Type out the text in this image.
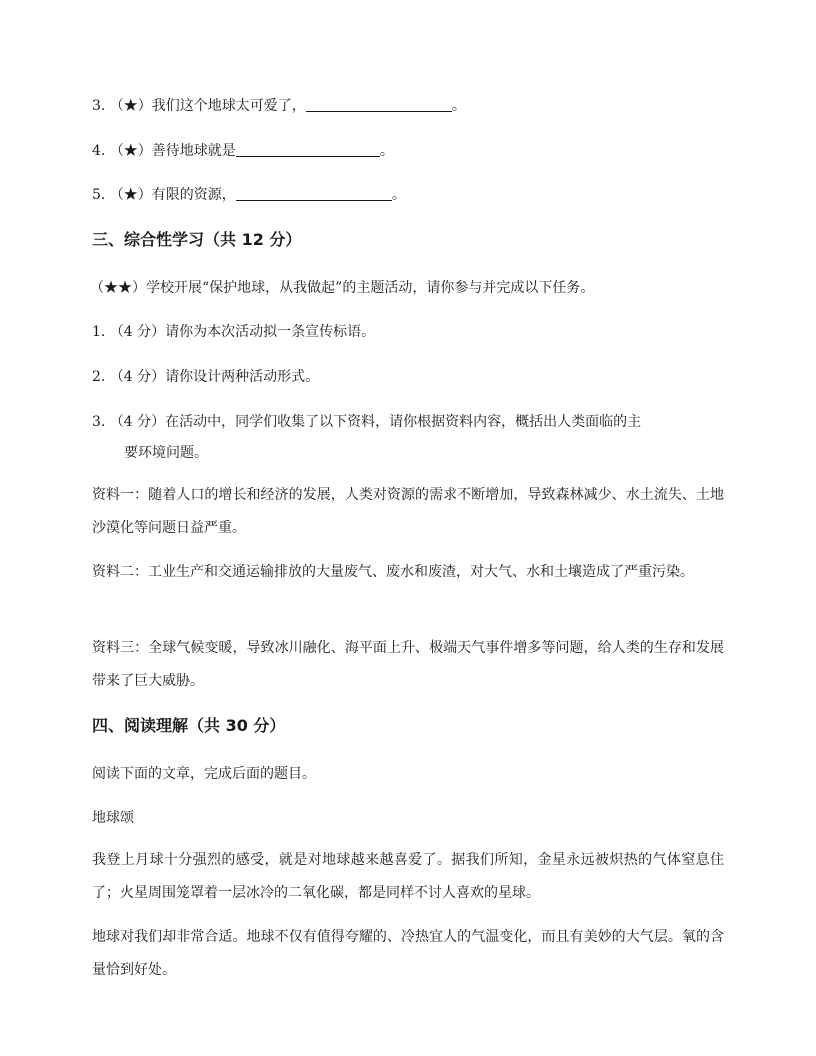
3. （★）我们这个地球太可爱了，	。
4. （★）善待地球就是	。
5. （★）有限的资源，	。
三、综合性学习（共 12 分）
（★★）学校开展“保护地球，从我做起”的主题活动，请你参与并完成以下任务。
1. （4 分）请你为本次活动拟一条宣传标语。
2. （4 分）请你设计两种活动形式。
3. （4 分）在活动中，同学们收集了以下资料，请你根据资料内容，概括出人类面临的主
要环境问题。
资料一：随着人口的增长和经济的发展，人类对资源的需求不断增加，导致森林减少、水土流失、土地沙漠化等问题日益严重。
资料二：工业生产和交通运输排放的大量废气、废水和废渣，对大气、水和土壤造成了严重污染。
资料三：全球气候变暖，导致冰川融化、海平面上升、极端天气事件增多等问题，给人类的生存和发展带来了巨大威胁。
四、阅读理解（共 30 分）
阅读下面的文章，完成后面的题目。
地球颂
我登上月球十分强烈的感受，就是对地球越来越喜爱了。据我们所知，金星永远被炽热的气体窒息住了；火星周围笼罩着一层冰冷的二氧化碳，都是同样不讨人喜欢的星球。
地球对我们却非常合适。地球不仅有值得夸耀的、冷热宜人的气温变化，而且有美妙的大气层。氧的含量恰到好处。
